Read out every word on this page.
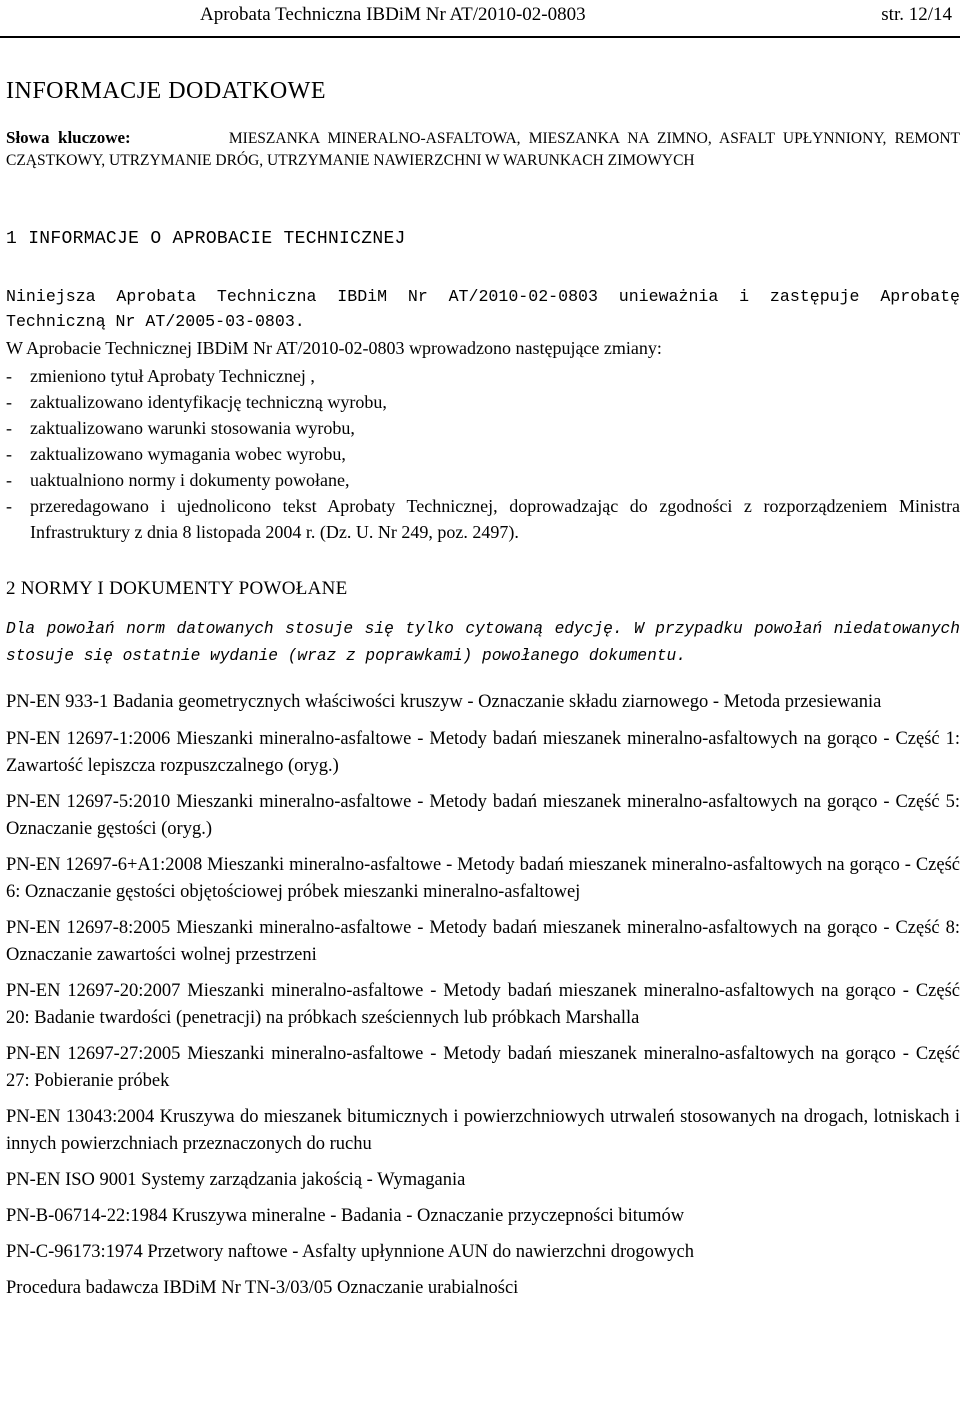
Aprobata Techniczna IBDiM Nr AT/2010-02-0803	str. 12/14
INFORMACJE DODATKOWE
Słowa kluczowe:	MIESZANKA MINERALNO-ASFALTOWA, MIESZANKA NA ZIMNO, ASFALT UPŁYNNIONY, REMONT CZĄSTKOWY, UTRZYMANIE DRÓG, UTRZYMANIE NAWIERZCHNI W WARUNKACH ZIMOWYCH
1 INFORMACJE O APROBACIE TECHNICZNEJ

Niniejsza Aprobata Techniczna IBDiM Nr AT/2010-02-0803 unieważnia i zastępuje Aprobatę Techniczną Nr AT/2005-03-0803.

W Aprobacie Technicznej IBDiM Nr AT/2010-02-0803 wprowadzono następujące zmiany:

- zmieniono tytuł Aprobaty Technicznej ,
- zaktualizowano identyfikację techniczną wyrobu,
- zaktualizowano warunki stosowania wyrobu,
- zaktualizowano wymagania wobec wyrobu,
- uaktualniono normy i dokumenty powołane,
- przeredagowano i ujednolicono tekst Aprobaty Technicznej, doprowadzając do zgodności z rozporządzeniem Ministra Infrastruktury z dnia 8 listopada 2004 r. (Dz. U. Nr 249, poz. 2497).
2 NORMY I DOKUMENTY POWOŁANE

Dla powołań norm datowanych stosuje się tylko cytowaną edycję. W przypadku powołań niedatowanych stosuje się ostatnie wydanie (wraz z poprawkami) powołanego dokumentu.

PN-EN 933-1 Badania geometrycznych właściwości kruszyw - Oznaczanie składu ziarnowego - Metoda przesiewania

PN-EN 12697-1:2006 Mieszanki mineralno-asfaltowe - Metody badań mieszanek mineralno-asfaltowych na gorąco - Część 1: Zawartość lepiszcza rozpuszczalnego (oryg.)

PN-EN 12697-5:2010 Mieszanki mineralno-asfaltowe - Metody badań mieszanek mineralno-asfaltowych na gorąco - Część 5: Oznaczanie gęstości (oryg.)

PN-EN 12697-6+A1:2008 Mieszanki mineralno-asfaltowe - Metody badań mieszanek mineralno-asfaltowych na gorąco - Część 6: Oznaczanie gęstości objętościowej próbek mieszanki mineralno-asfaltowej

PN-EN 12697-8:2005 Mieszanki mineralno-asfaltowe - Metody badań mieszanek mineralno-asfaltowych na gorąco - Część 8: Oznaczanie zawartości wolnej przestrzeni

PN-EN 12697-20:2007 Mieszanki mineralno-asfaltowe - Metody badań mieszanek mineralno-asfaltowych na gorąco - Część 20: Badanie twardości (penetracji) na próbkach sześciennych lub próbkach Marshalla

PN-EN 12697-27:2005 Mieszanki mineralno-asfaltowe - Metody badań mieszanek mineralno-asfaltowych na gorąco - Część 27: Pobieranie próbek

PN-EN 13043:2004 Kruszywa do mieszanek bitumicznych i powierzchniowych utrwaleń stosowanych na drogach, lotniskach i innych powierzchniach przeznaczonych do ruchu

PN-EN ISO 9001 Systemy zarządzania jakością - Wymagania

PN-B-06714-22:1984 Kruszywa mineralne - Badania - Oznaczanie przyczepności bitumów

PN-C-96173:1974 Przetwory naftowe - Asfalty upłynnione AUN do nawierzchni drogowych

Procedura badawcza IBDiM Nr TN-3/03/05 Oznaczanie urabialności
